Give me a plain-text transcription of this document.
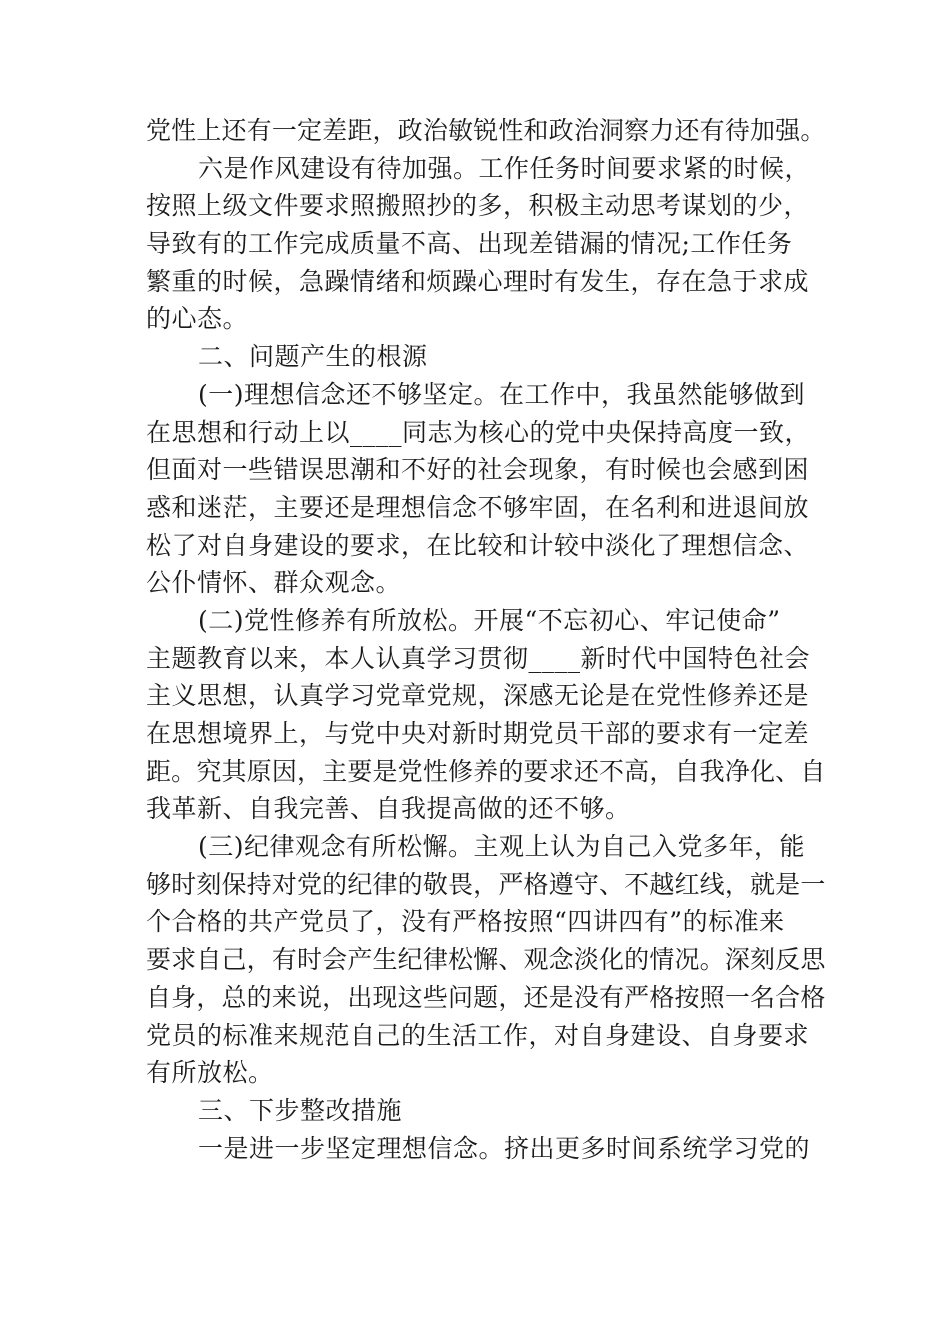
党性上还有一定差距，政治敏锐性和政治洞察力还有待加强。
六是作风建设有待加强。工作任务时间要求紧的时候，
按照上级文件要求照搬照抄的多，积极主动思考谋划的少，
导致有的工作完成质量不高、出现差错漏的情况;工作任务
繁重的时候，急躁情绪和烦躁心理时有发生，存在急于求成
的心态。
二、问题产生的根源
(一)理想信念还不够坚定。在工作中，我虽然能够做到
在思想和行动上以____同志为核心的党中央保持高度一致，
但面对一些错误思潮和不好的社会现象，有时候也会感到困
惑和迷茫，主要还是理想信念不够牢固，在名利和进退间放
松了对自身建设的要求，在比较和计较中淡化了理想信念、
公仆情怀、群众观念。
(二)党性修养有所放松。开展“不忘初心、牢记使命”
主题教育以来，本人认真学习贯彻____新时代中国特色社会
主义思想，认真学习党章党规，深感无论是在党性修养还是
在思想境界上，与党中央对新时期党员干部的要求有一定差
距。究其原因，主要是党性修养的要求还不高，自我净化、自
我革新、自我完善、自我提高做的还不够。
(三)纪律观念有所松懈。主观上认为自己入党多年，能
够时刻保持对党的纪律的敬畏，严格遵守、不越红线，就是一
个合格的共产党员了，没有严格按照“四讲四有”的标准来
要求自己，有时会产生纪律松懈、观念淡化的情况。深刻反思
自身，总的来说，出现这些问题，还是没有严格按照一名合格
党员的标准来规范自己的生活工作，对自身建设、自身要求
有所放松。
三、下步整改措施
一是进一步坚定理想信念。挤出更多时间系统学习党的
